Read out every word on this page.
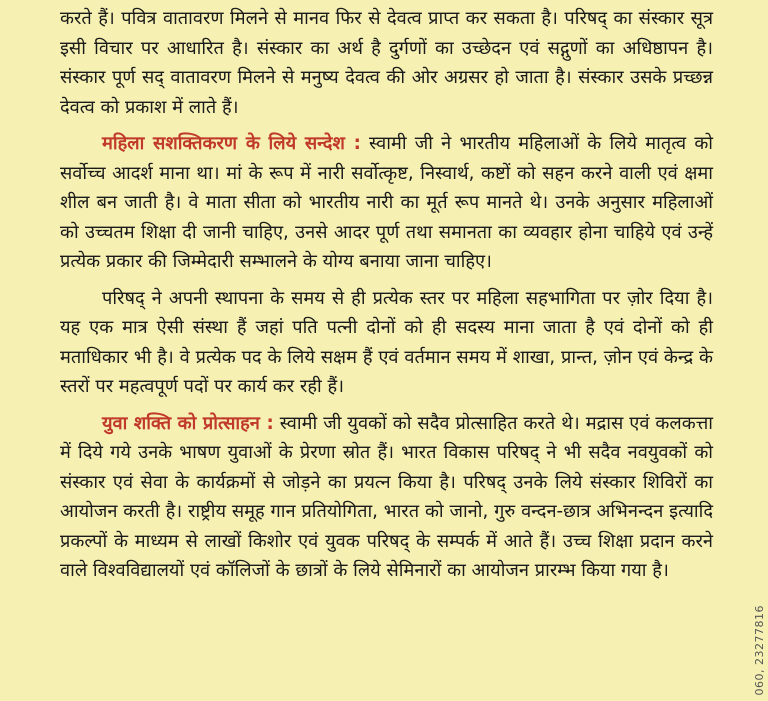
करते हैं। पवित्र वातावरण मिलने से मानव फिर से देवत्व प्राप्त कर सकता है। परिषद् का संस्कार सूत्र इसी विचार पर आधारित है। संस्कार का अर्थ है दुर्गणों का उच्छेदन एवं सद्गुणों का अधिष्ठापन है। संस्कार पूर्ण सद् वातावरण मिलने से मनुष्य देवत्व की ओर अग्रसर हो जाता है। संस्कार उसके प्रच्छन्न देवत्व को प्रकाश में लाते हैं।

महिला सशक्तिकरण के लिये सन्देश : स्वामी जी ने भारतीय महिलाओं के लिये मातृत्व को सर्वोच्च आदर्श माना था। मां के रूप में नारी सर्वोत्कृष्ट, निस्वार्थ, कष्टों को सहन करने वाली एवं क्षमा शील बन जाती है। वे माता सीता को भारतीय नारी का मूर्त रूप मानते थे। उनके अनुसार महिलाओं को उच्चतम शिक्षा दी जानी चाहिए, उनसे आदर पूर्ण तथा समानता का व्यवहार होना चाहिये एवं उन्हें प्रत्येक प्रकार की जिम्मेदारी सम्भालने के योग्य बनाया जाना चाहिए।

परिषद् ने अपनी स्थापना के समय से ही प्रत्येक स्तर पर महिला सहभागिता पर ज़ोर दिया है। यह एक मात्र ऐसी संस्था हैं जहां पति पत्नी दोनों को ही सदस्य माना जाता है एवं दोनों को ही मताधिकार भी है। वे प्रत्येक पद के लिये सक्षम हैं एवं वर्तमान समय में शाखा, प्रान्त, ज़ोन एवं केन्द्र के स्तरों पर महत्वपूर्ण पदों पर कार्य कर रही हैं।

युवा शक्ति को प्रोत्साहन : स्वामी जी युवकों को सदैव प्रोत्साहित करते थे। मद्रास एवं कलकत्ता में दिये गये उनके भाषण युवाओं के प्रेरणा स्रोत हैं। भारत विकास परिषद् ने भी सदैव नवयुवकों को संस्कार एवं सेवा के कार्यक्रमों से जोड़ने का प्रयत्न किया है। परिषद् उनके लिये संस्कार शिविरों का आयोजन करती है। राष्ट्रीय समूह गान प्रतियोगिता, भारत को जानो, गुरु वन्दन-छात्र अभिनन्दन इत्यादि प्रकल्पों के माध्यम से लाखों किशोर एवं युवक परिषद् के सम्पर्क में आते हैं। उच्च शिक्षा प्रदान करने वाले विश्वविद्यालयों एवं कॉलिजों के छात्रों के लिये सेमिनारों का आयोजन प्रारम्भ किया गया है।

060, 23277816
